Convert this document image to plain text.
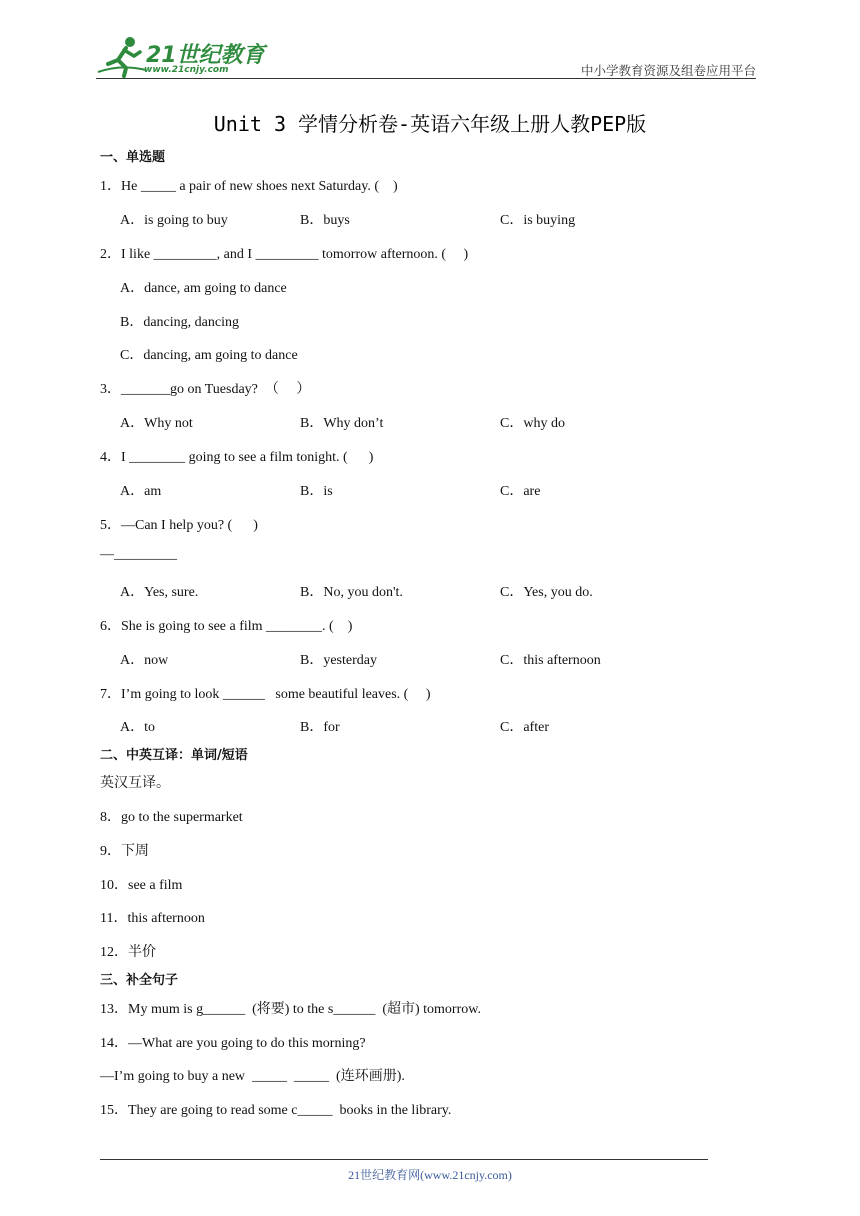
21世纪教育
www.21cnjy.com	中小学教育资源及组卷应用平台
Unit 3 学情分析卷-英语六年级上册人教PEP版
一、单选题
1．He _____ a pair of new shoes next Saturday. (    )
A．is going to buy	B．buys	C．is buying
2．I like _________, and I _________ tomorrow afternoon. (     )
A．dance, am going to dance
B．dancing, dancing
C．dancing, am going to dance
3．_______go on Tuesday?  （     ）
A．Why not	B．Why don’t	C．why do
4．I ________ going to see a film tonight. (      )
A．am	B．is	C．are
5．—Can I help you? (      )
—_________
A．Yes, sure.	B．No, you don't.	C．Yes, you do.
6．She is going to see a film ________. (    )
A．now	B．yesterday	C．this afternoon
7．I’m going to look ______   some beautiful leaves. (     )
A．to	B．for	C．after
二、中英互译：单词/短语
英汉互译。
8．go to the supermarket
9．下周
10．see a film
11．this afternoon
12．半价
三、补全句子
13．My mum is g______  (将要) to the s______  (超市) tomorrow.
14．—What are you going to do this morning?
—I’m going to buy a new  _____  _____  (连环画册).
15．They are going to read some c_____  books in the library.
21世纪教育网(www.21cnjy.com)
